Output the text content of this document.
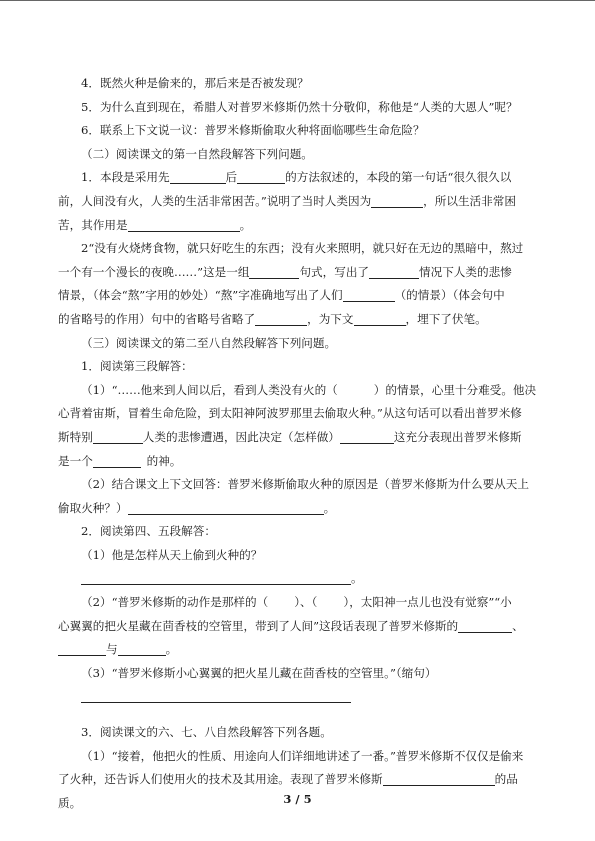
4．既然火种是偷来的，那后来是否被发现？
5．为什么直到现在，希腊人对普罗米修斯仍然十分敬仰，称他是“人类的大恩人”呢？
6．联系上下文说一议：普罗米修斯偷取火种将面临哪些生命危险？
（二）阅读课文的第一自然段解答下列问题。
1．本段是采用先	后	的方法叙述的，本段的第一句话“很久很久以
前，人间没有火，人类的生活非常困苦。”说明了当时人类因为	，所以生活非常困
苦，其作用是	。
2“没有火烧烤食物，就只好吃生的东西；没有火来照明，就只好在无边的黑暗中，熬过
一个有一个漫长的夜晚……”这是一组	句式，写出了	情况下人类的悲惨
情景，（体会“熬”字用的妙处）“熬”字准确地写出了人们	（的情景）（体会句中
的省略号的作用）句中的省略号省略了	，为下文	，埋下了伏笔。
（三）阅读课文的第二至八自然段解答下列问题。
1．阅读第三段解答：
（1）“……他来到人间以后，看到人类没有火的（	）的情景，心里十分难受。他决
心背着宙斯，冒着生命危险，到太阳神阿波罗那里去偷取火种。”从这句话可以看出普罗米修
斯特别	人类的悲惨遭遇，因此决定（怎样做）	这充分表现出普罗米修斯
是一个 	的神。
（2）结合课文上下文回答：普罗米修斯偷取火种的原因是（普罗米修斯为什么要从天上
偷取火种？）	。
2．阅读第四、五段解答：
（1）他是怎样从天上偷到火种的？
。
（2）“普罗米修斯的动作是那样的（ ）、（ ），太阳神一点儿也没有觉察”“小
心翼翼的把火星藏在茴香枝的空管里，带到了人间”这段话表现了普罗米修斯的	、
与	。
（3）“普罗米修斯小心翼翼的把火星儿藏在茴香枝的空管里。”（缩句）
3．阅读课文的六、七、八自然段解答下列各题。
（1）“接着，他把火的性质、用途向人们详细地讲述了一番。”普罗米修斯不仅仅是偷来
了火种，还告诉人们使用火的技术及其用途。表现了普罗米修斯	的品
质。	3 / 5
